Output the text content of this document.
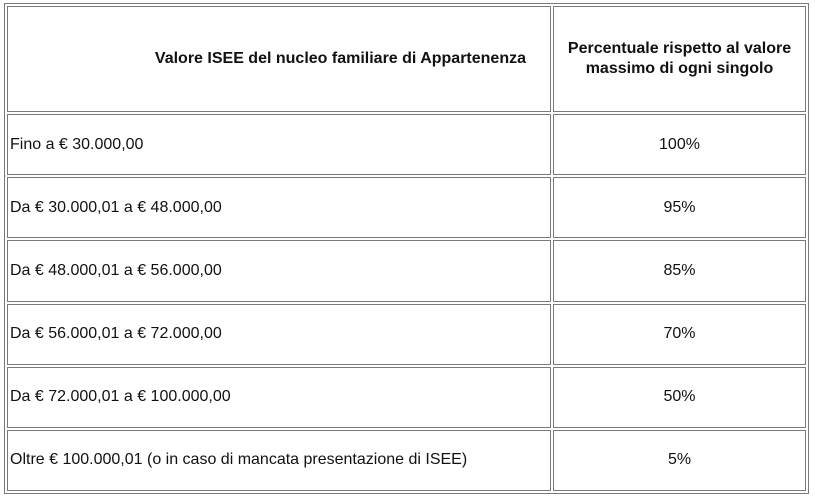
Valore ISEE del nucleo familiare di Appartenenza	Percentuale rispetto al valore massimo di ogni singolo
Fino a € 30.000,00	100%
Da € 30.000,01 a € 48.000,00	95%
Da € 48.000,01 a € 56.000,00	85%
Da € 56.000,01 a € 72.000,00	70%
Da € 72.000,01 a € 100.000,00	50%
Oltre € 100.000,01 (o in caso di mancata presentazione di ISEE)	5%
